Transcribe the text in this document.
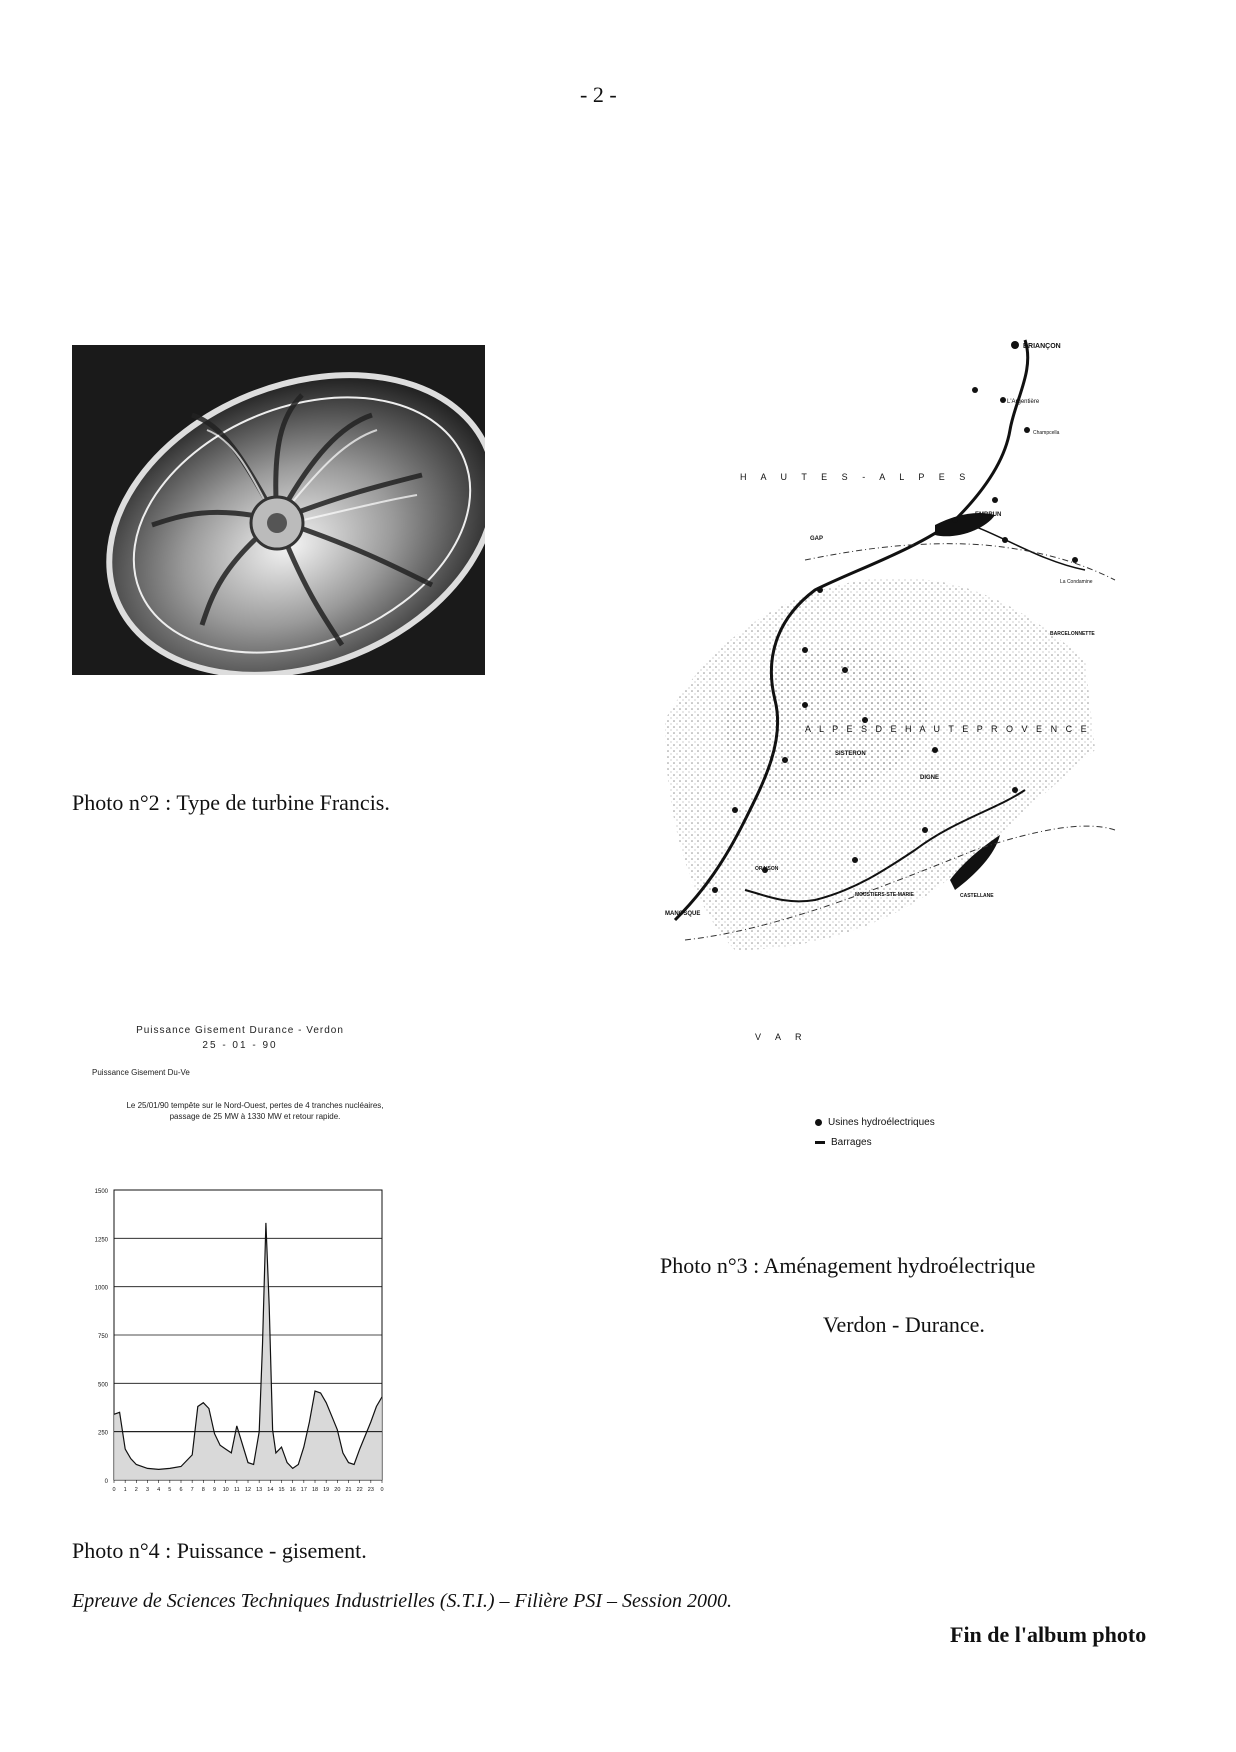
- 2 -
Photo n°2 : Type de turbine Francis.
H A U T E S - A L P E S
A L P E S D E H A U T E P R O V E N C E
V A R
BRIANÇON
L'Argentière
EMBRUN
GAP
BARCELONNETTE
SISTERON
DIGNE
MANOSQUE
CASTELLANE
MOUSTIERS-STE-MARIE
ORAISON
Champcella
La Condamine
Usines hydroélectriques
Barrages
Photo n°3 : Aménagement hydroélectrique
Verdon - Durance.
Puissance Gisement Durance - Verdon
25 - 01 - 90
Puissance Gisement Du-Ve
Le 25/01/90 tempête sur le Nord-Ouest, pertes de 4 tranches nucléaires, passage de 25 MW à 1330 MW et retour rapide.
0
250
500
750
1000
1250
1500
0 1 2 3 4 5 6 7 8 9 10 11 12 13 14 15 16 17 18 19 20 21 22 23 0
Photo n°4 : Puissance - gisement.
Epreuve de Sciences Techniques Industrielles (S.T.I.) – Filière PSI – Session 2000.
Fin de l'album photo
